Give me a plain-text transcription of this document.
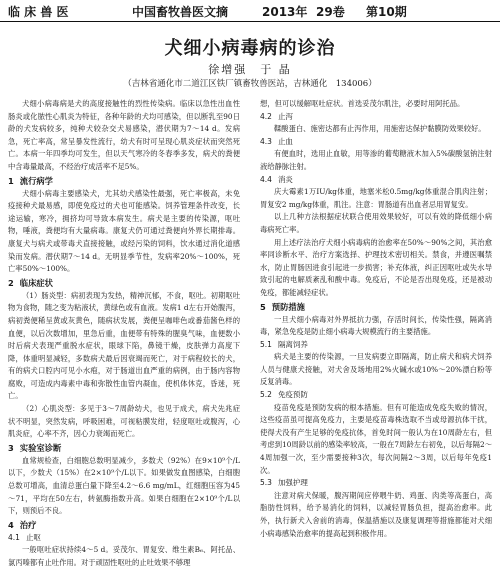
临 床 兽 医	中国畜牧兽医文摘	2013年 29卷 第10期
犬细小病毒病的诊治
徐增强　于 晶
（吉林省通化市二道江区铁厂镇畜牧兽医站，吉林通化　134006）

犬细小病毒病是犬的高度接触性的烈性传染病。临床以急性出血性肠炎或化脓性心肌炎为特征，各种年龄的犬均可感染，但以断乳至90日龄的犬发病较多，纯种犬较杂交犬易感染，潜伏期为7～14 d。发病急，死亡率高，常呈暴发性流行，幼犬有时可呈现心肌炎症状而突然死亡。本病一年四季均可发生，但以天气寒冷的冬春季多发，病犬的粪便中含毒量最高，不经治疗成活率不足5%。

1 流行病学

犬细小病毒主要感染犬，尤其幼犬感染性最强，死亡率极高，未免疫接种犬最易感，即使免疫过的犬也可能感染。饲养管理条件改变，长途运输，寒冷，拥挤均可导致本病发生。病犬是主要的传染源，呕吐物，唾液，粪便均有大量病毒。康复犬仍可通过粪便向外界长期排毒。康复犬与病犬或带毒犬直接接触，或经污染的饲料，饮水通过消化道感染而发病。潜伏期7～14 d。无明显季节性，发病率20%～100%，死亡率50%～100%。

2 临床症状

（1）肠炎型：病初表现为发热，精神沉郁，不食，呕吐。初期呕吐物为食物，随之变为粘液状，黄绿色或有血液。发病1 d左右开始腹泻，病初粪便稀呈黄或灰黄色，随病状发展，粪便呈咖啡色或番茄酱色样的血便，以后次数增加，里急后重，血便带有特殊的腥臭气味，血便数小时后病犬表现严重脱水症状，眼球下陷，鼻镜干燥，皮肤弹力高度下降，体重明显减轻，多数病犬最后因衰竭而死亡，对于病程较长的犬，有的病犬口腔内可见小水疱，对于肠道出血严重的病例，由于肠内容物腐败，可造成内毒素中毒和弥散性血管内凝血，使机体休克，昏迷，死亡。

（2）心肌炎型：多见于3～7周龄幼犬，也见于成犬，病犬先兆症状不明显，突然发病，呼吸困难，可视粘膜发绀，轻度呕吐或腹泻，心肌炎症，心率不齐，因心力衰竭而死亡。

3 实验室诊断

血常规检查，白细胞总数明显减少，多数犬（92%）在9×10⁹个/L以下，少数犬（15%）在2×10⁹个/L以下。如果做发血图感染，白细胞总数可增高，血清总蛋白量下降至4.2～6.6 mg/mL，红细胞压容为45～71，平均在50左右，转氨酶指数升高。如果白细胞在2×10⁹个/L以下，则预后不良。

4 治疗
4.1 止呕

一般呕吐症状持续4～5 d。妥茂尔、胃复安、维生素B₆、阿托品、氯丙嗪都有止吐作用。对于顽固性呕吐的止吐效果不够理

想，但可以缓解呕吐症状。首选妥茂尔肌注，必要时用阿托品。

4.2 止泻

鞣酸蛋白、施密达都有止泻作用，用施密达保护黏膜防效果较好。

4.3 止血

有便血时，选用止血敏，用等渗的葡萄糖液木加入5%碳酸氢钠注射液给静脉注射。

4.4 消炎

庆大霉素1万IU/kg体重，地塞米松0.5mg/kg体重混合肌肉注射；胃复安2 mg/kg体重，肌注。注意：胃肠道有出血者忌用胃复安。

以上几种方法根据症状联合使用效果较好，可以有效的降低细小病毒病死亡率。

用上述疗法治疗犬细小病毒病的治愈率在50%～90%之间，其治愈率同诊断水平、治疗方案选择、护理技术密切相关。禁食，并遵医嘱禁水，防止胃肠因进食引起进一步损害；补充体液，纠正因呕吐或失水导致引起的电解质紊乱和酸中毒。免疫后，不论是否出现免疫，还是被动免疫，都能减轻症状。

5 预防措施

一旦犬细小病毒对外界抵抗力强，存活时间长，传染性强，隔离消毒，紧急免疫是防止细小病毒大规模流行的主要措施。

5.1 隔离饲养

病犬是主要的传染源，一旦发病要立即隔离，防止病犬和病犬饲养人员与健康犬接触，对犬舍及场地用2%火碱水或10%～20%漂白粉等反复消毒。

5.2 免疫预防

疫苗免疫是预防发病的根本措施。但有可能造成免疫失败的情况，这些疫苗虽可提高免疫力，主要是疫苗毒株选取不当或母源抗体干扰，使得犬没有产生足够的免疫抗体，首免时间一般认为在10周龄左右，但考虑到10周龄以前的感染率较高，一般在7周龄左右初免，以后每隔2～4周加强一次，至少需要接种3次，每次间隔2～3周，以后每年免疫1次。

5.3 加强护理

注意对病犬保暖，腹泻期间应停喂牛奶、鸡蛋、肉类等高蛋白，高脂肪性饲料，给予易消化的饲料，以减轻胃肠负担，提高治愈率。此外，执行新犬入舍前的消毒，保温措施以及康复调理等措施都能对犬细小病毒感染治愈率的提高起到积极作用。
